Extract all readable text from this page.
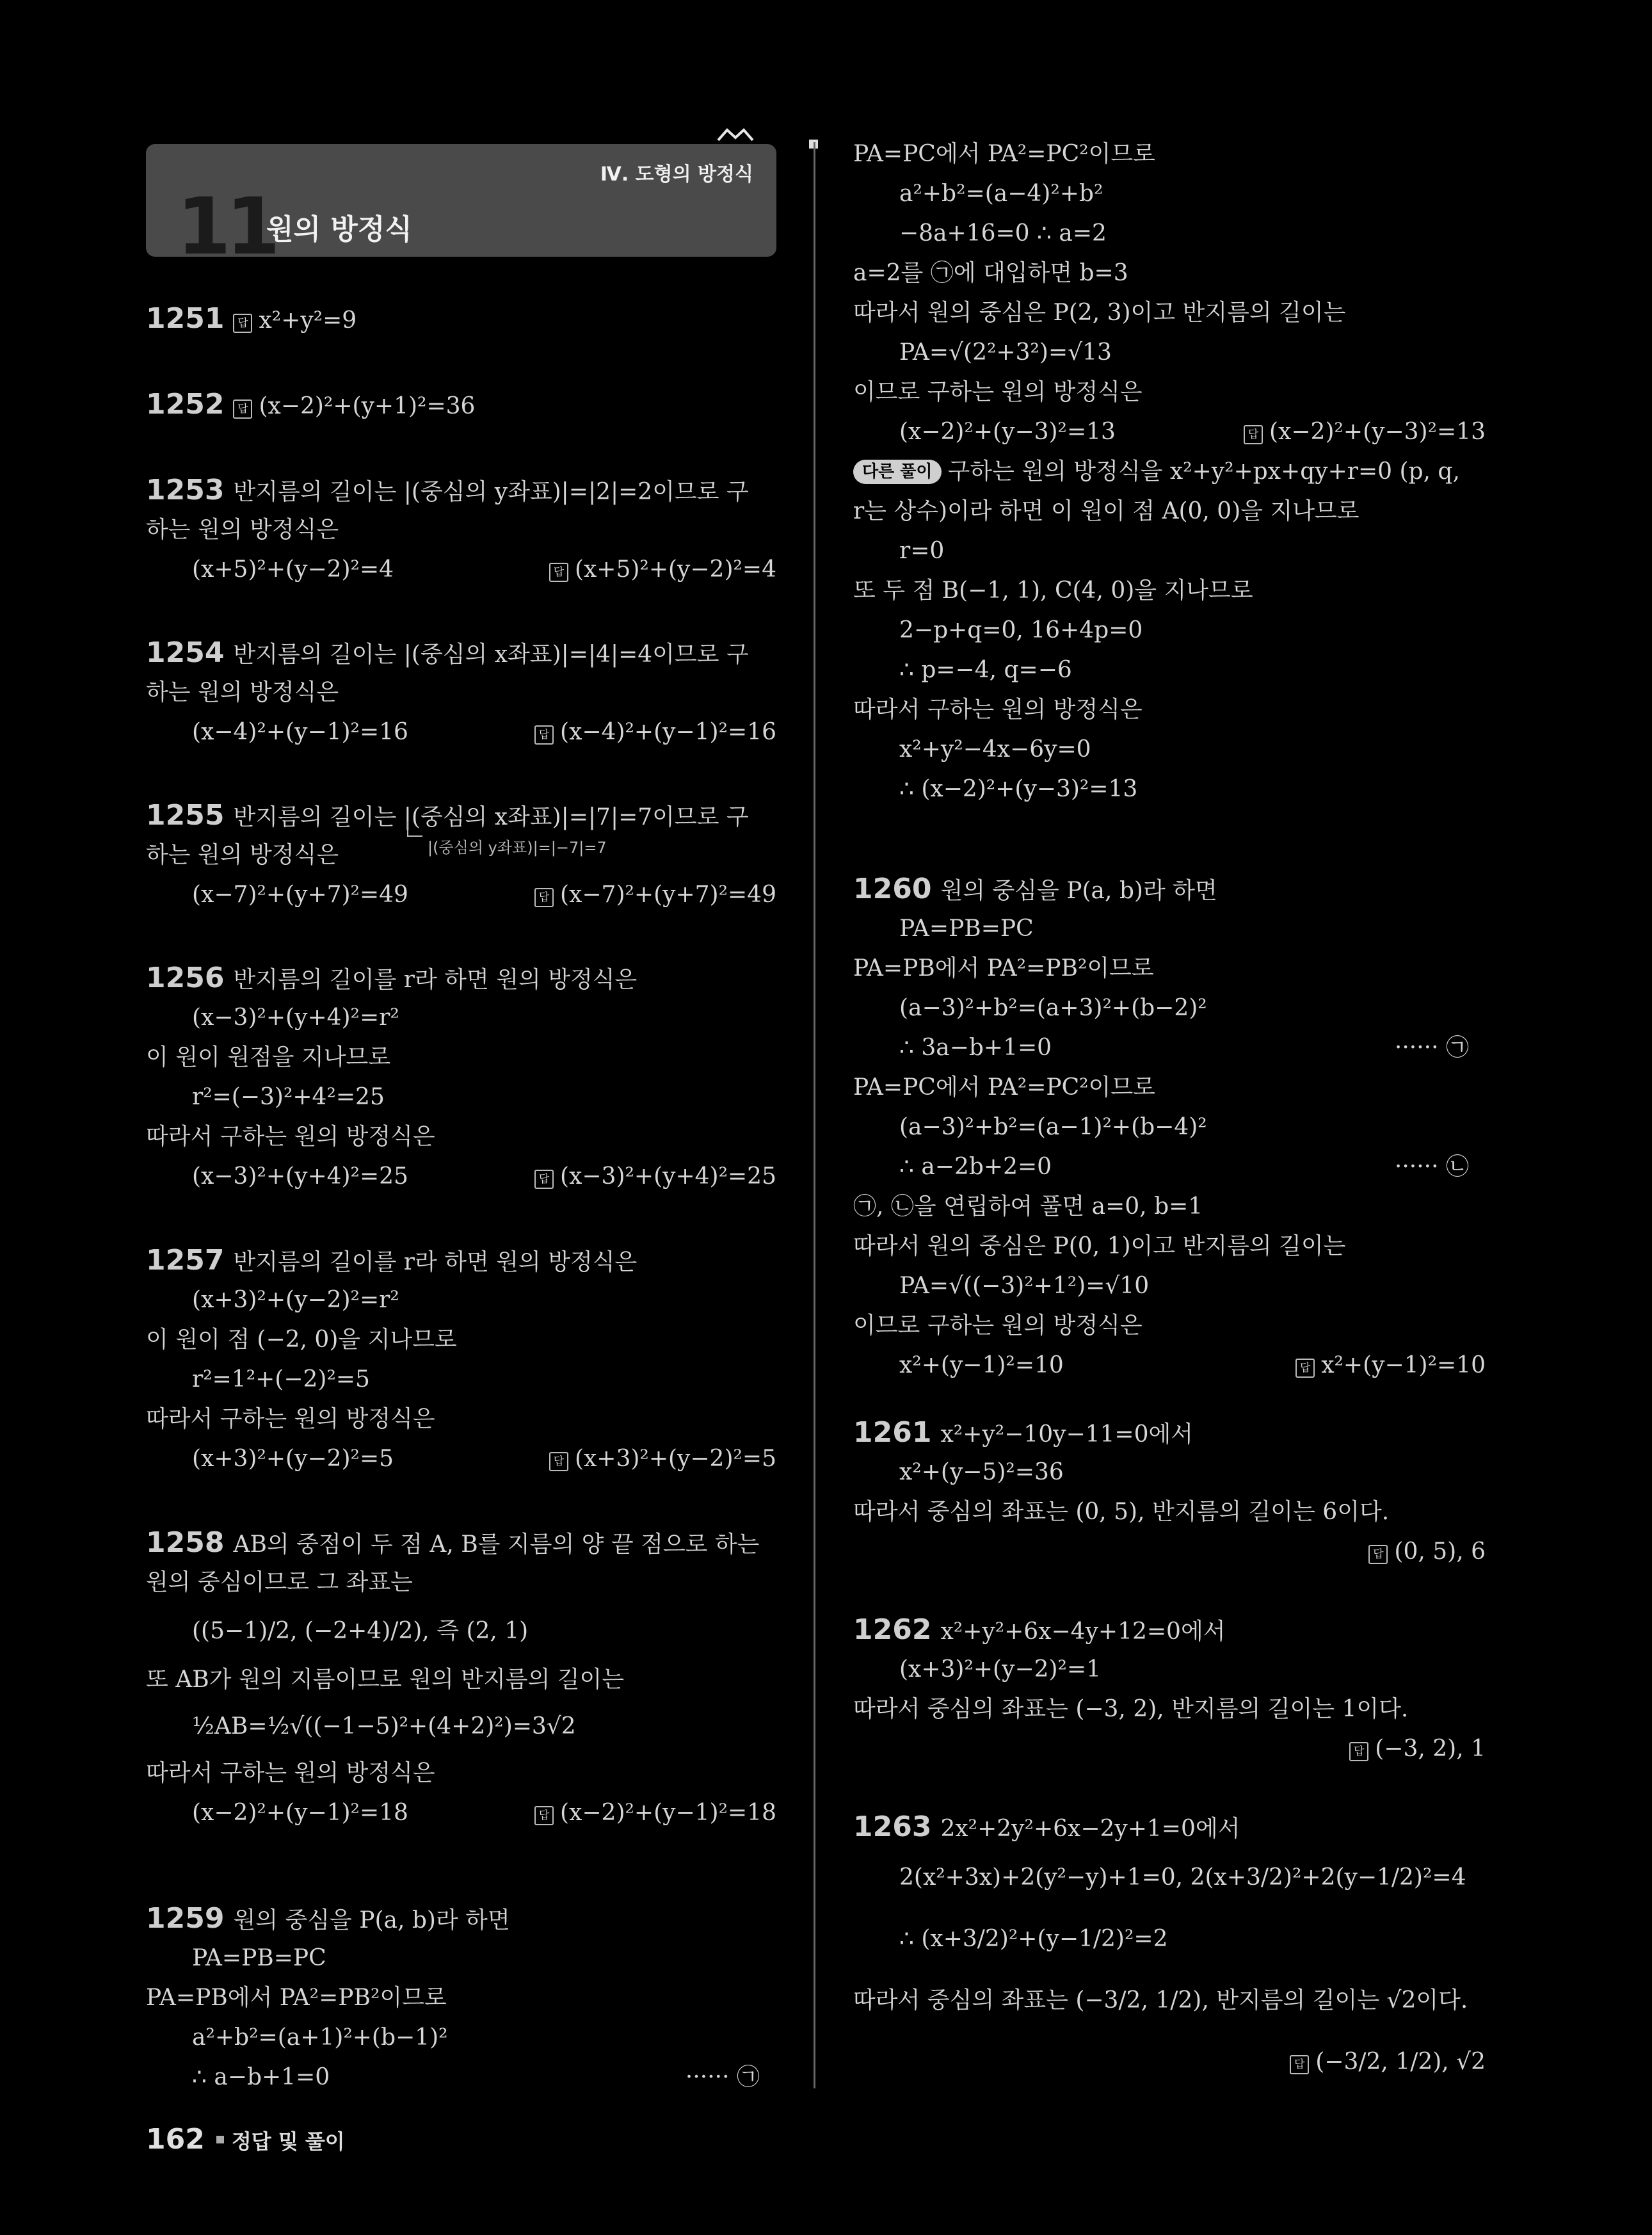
11
원의 방정식
Ⅳ. 도형의 방정식
1251 답 x²+y²=9
1252 답 (x−2)²+(y+1)²=36
1253 반지름의 길이는 |(중심의 y좌표)|=|2|=2이므로 구
하는 원의 방정식은
(x+5)²+(y−2)²=4	답 (x+5)²+(y−2)²=4
1254 반지름의 길이는 |(중심의 x좌표)|=|4|=4이므로 구
하는 원의 방정식은
(x−4)²+(y−1)²=16	답 (x−4)²+(y−1)²=16
1255 반지름의 길이는 |(중심의 x좌표)|=|7|=7이므로 구
|(중심의 y좌표)|=|−7|=7
하는 원의 방정식은
(x−7)²+(y+7)²=49	답 (x−7)²+(y+7)²=49
1256 반지름의 길이를 r라 하면 원의 방정식은
(x−3)²+(y+4)²=r²
이 원이 원점을 지나므로
r²=(−3)²+4²=25
따라서 구하는 원의 방정식은
(x−3)²+(y+4)²=25	답 (x−3)²+(y+4)²=25
1257 반지름의 길이를 r라 하면 원의 방정식은
(x+3)²+(y−2)²=r²
이 원이 점 (−2, 0)을 지나므로
r²=1²+(−2)²=5
따라서 구하는 원의 방정식은
(x+3)²+(y−2)²=5	답 (x+3)²+(y−2)²=5
1258 AB의 중점이 두 점 A, B를 지름의 양 끝 점으로 하는
원의 중심이므로 그 좌표는
((5−1)/2, (−2+4)/2), 즉 (2, 1)
또 AB가 원의 지름이므로 원의 반지름의 길이는
½AB=½√((−1−5)²+(4+2)²)=3√2
따라서 구하는 원의 방정식은
(x−2)²+(y−1)²=18	답 (x−2)²+(y−1)²=18
1259 원의 중심을 P(a, b)라 하면
PA=PB=PC
PA=PB에서 PA²=PB²이므로
a²+b²=(a+1)²+(b−1)²
∴ a−b+1=0	······ ㉠
PA=PC에서 PA²=PC²이므로
a²+b²=(a−4)²+b²
−8a+16=0 ∴ a=2
a=2를 ㉠에 대입하면 b=3
따라서 원의 중심은 P(2, 3)이고 반지름의 길이는
PA=√(2²+3²)=√13
이므로 구하는 원의 방정식은
(x−2)²+(y−3)²=13	답 (x−2)²+(y−3)²=13
다른 풀이 구하는 원의 방정식을 x²+y²+px+qy+r=0 (p, q,
r는 상수)이라 하면 이 원이 점 A(0, 0)을 지나므로
r=0
또 두 점 B(−1, 1), C(4, 0)을 지나므로
2−p+q=0, 16+4p=0
∴ p=−4, q=−6
따라서 구하는 원의 방정식은
x²+y²−4x−6y=0
∴ (x−2)²+(y−3)²=13
1260 원의 중심을 P(a, b)라 하면
PA=PB=PC
PA=PB에서 PA²=PB²이므로
(a−3)²+b²=(a+3)²+(b−2)²
∴ 3a−b+1=0	······ ㉠
PA=PC에서 PA²=PC²이므로
(a−3)²+b²=(a−1)²+(b−4)²
∴ a−2b+2=0	······ ㉡
㉠, ㉡을 연립하여 풀면 a=0, b=1
따라서 원의 중심은 P(0, 1)이고 반지름의 길이는
PA=√((−3)²+1²)=√10
이므로 구하는 원의 방정식은
x²+(y−1)²=10	답 x²+(y−1)²=10
1261 x²+y²−10y−11=0에서
x²+(y−5)²=36
따라서 중심의 좌표는 (0, 5), 반지름의 길이는 6이다.
답 (0, 5), 6
1262 x²+y²+6x−4y+12=0에서
(x+3)²+(y−2)²=1
따라서 중심의 좌표는 (−3, 2), 반지름의 길이는 1이다.
답 (−3, 2), 1
1263 2x²+2y²+6x−2y+1=0에서
2(x²+3x)+2(y²−y)+1=0, 2(x+3/2)²+2(y−1/2)²=4
∴ (x+3/2)²+(y−1/2)²=2
따라서 중심의 좌표는 (−3/2, 1/2), 반지름의 길이는 √2이다.
답 (−3/2, 1/2), √2
162 정답 및 풀이
